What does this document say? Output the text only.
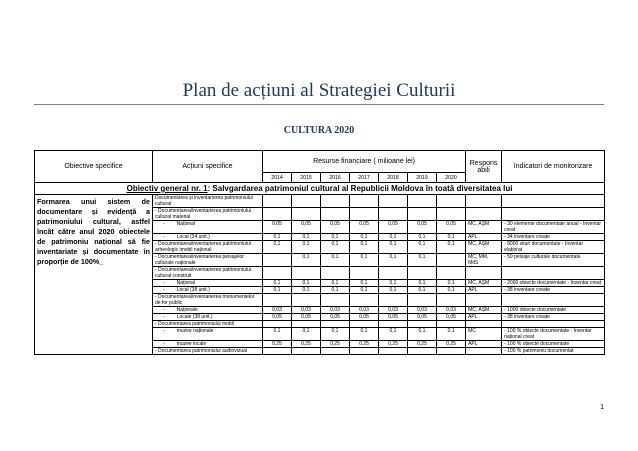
Plan de acțiuni al Strategiei Culturii
CULTURA 2020
Obiective specifice	Acțiuni specifice	Resurse financiare ( milioane lei)							Respons abili	Indicatori de monitorizare
		2014	2015	2016	2017	2018	2019	2020		
Obiectiv general nr. 1: Salvgardarea patrimoniul cultural al Republicii Moldova în toată diversitatea lui										
Formarea unui sistem de documentare și evidență a patrimoniului cultural, astfel încât către anul 2020 obiectele de patrimoniu național să fie inventariate și documentate în proporție de 100%_	Documentarea și inventarierea patrimoniului cultural									
	- Documentarea/inventarierea patrimoniului cultural material									
	- Național	0,05	0,05	0,05	0,05	0,05	0,05	0,05	MC, AȘM	- 30 elemente documentate anual - Inventar creat
	- Local (34 unit.)	0,1	0,1	0,1	0,1	0,1	0,1	0,1	APL	- 34 inventare create
	- Documentarea/inventarierea patrimoniului arheologic imobil național	0,1	0,1	0,1	0,1	0,1	0,1	0,1	MC, AȘM	- 8000 situri documentate - Inventar elaborat
	- Documentarea/inventarierea peisajelor culturale naționale		0,1	0,1	0,1	0,1	0,1		MC, MM, MdS	- 50 peisaje culturale documentate
	- Documentarea/inventarierea patrimoniului cultural construit									
	- Național	0,1	0,1	0,1	0,1	0,1	0,1	0,1	MC, AȘM	- 2000 obiecte documentate - Inventar creat
	- Local (38 unit.)	0,1	0,1	0,1	0,1	0,1	0,1	0,1	APL	- 38 inventare create
	- Documentarea/inventarierea monumentelor de for public									
	- Naționale	0,03	0,03	0,03	0,03	0,03	0,03	0,03	MC, AȘM	- 1000 obiecte documentate
	- Locale (38 unit.)	0,05	0,05	0,05	0,05	0,05	0,05	0,05	APL	- 38 inventare create
	- Documentarea patrimoniului mobil									
	- muzee naționale	0,1	0,1	0,1	0,1	0,1	0,1	0,1	MC	- 100 % obiecte documentate - Inventar național creat
	- muzee locale	0,25	0,25	0,25	0,25	0,25	0,25	0,25	APL	- 100 % obiecte documentate
	- Documentarea patrimoniului audiovizual									- 100 % patrimoniu documentat
1
